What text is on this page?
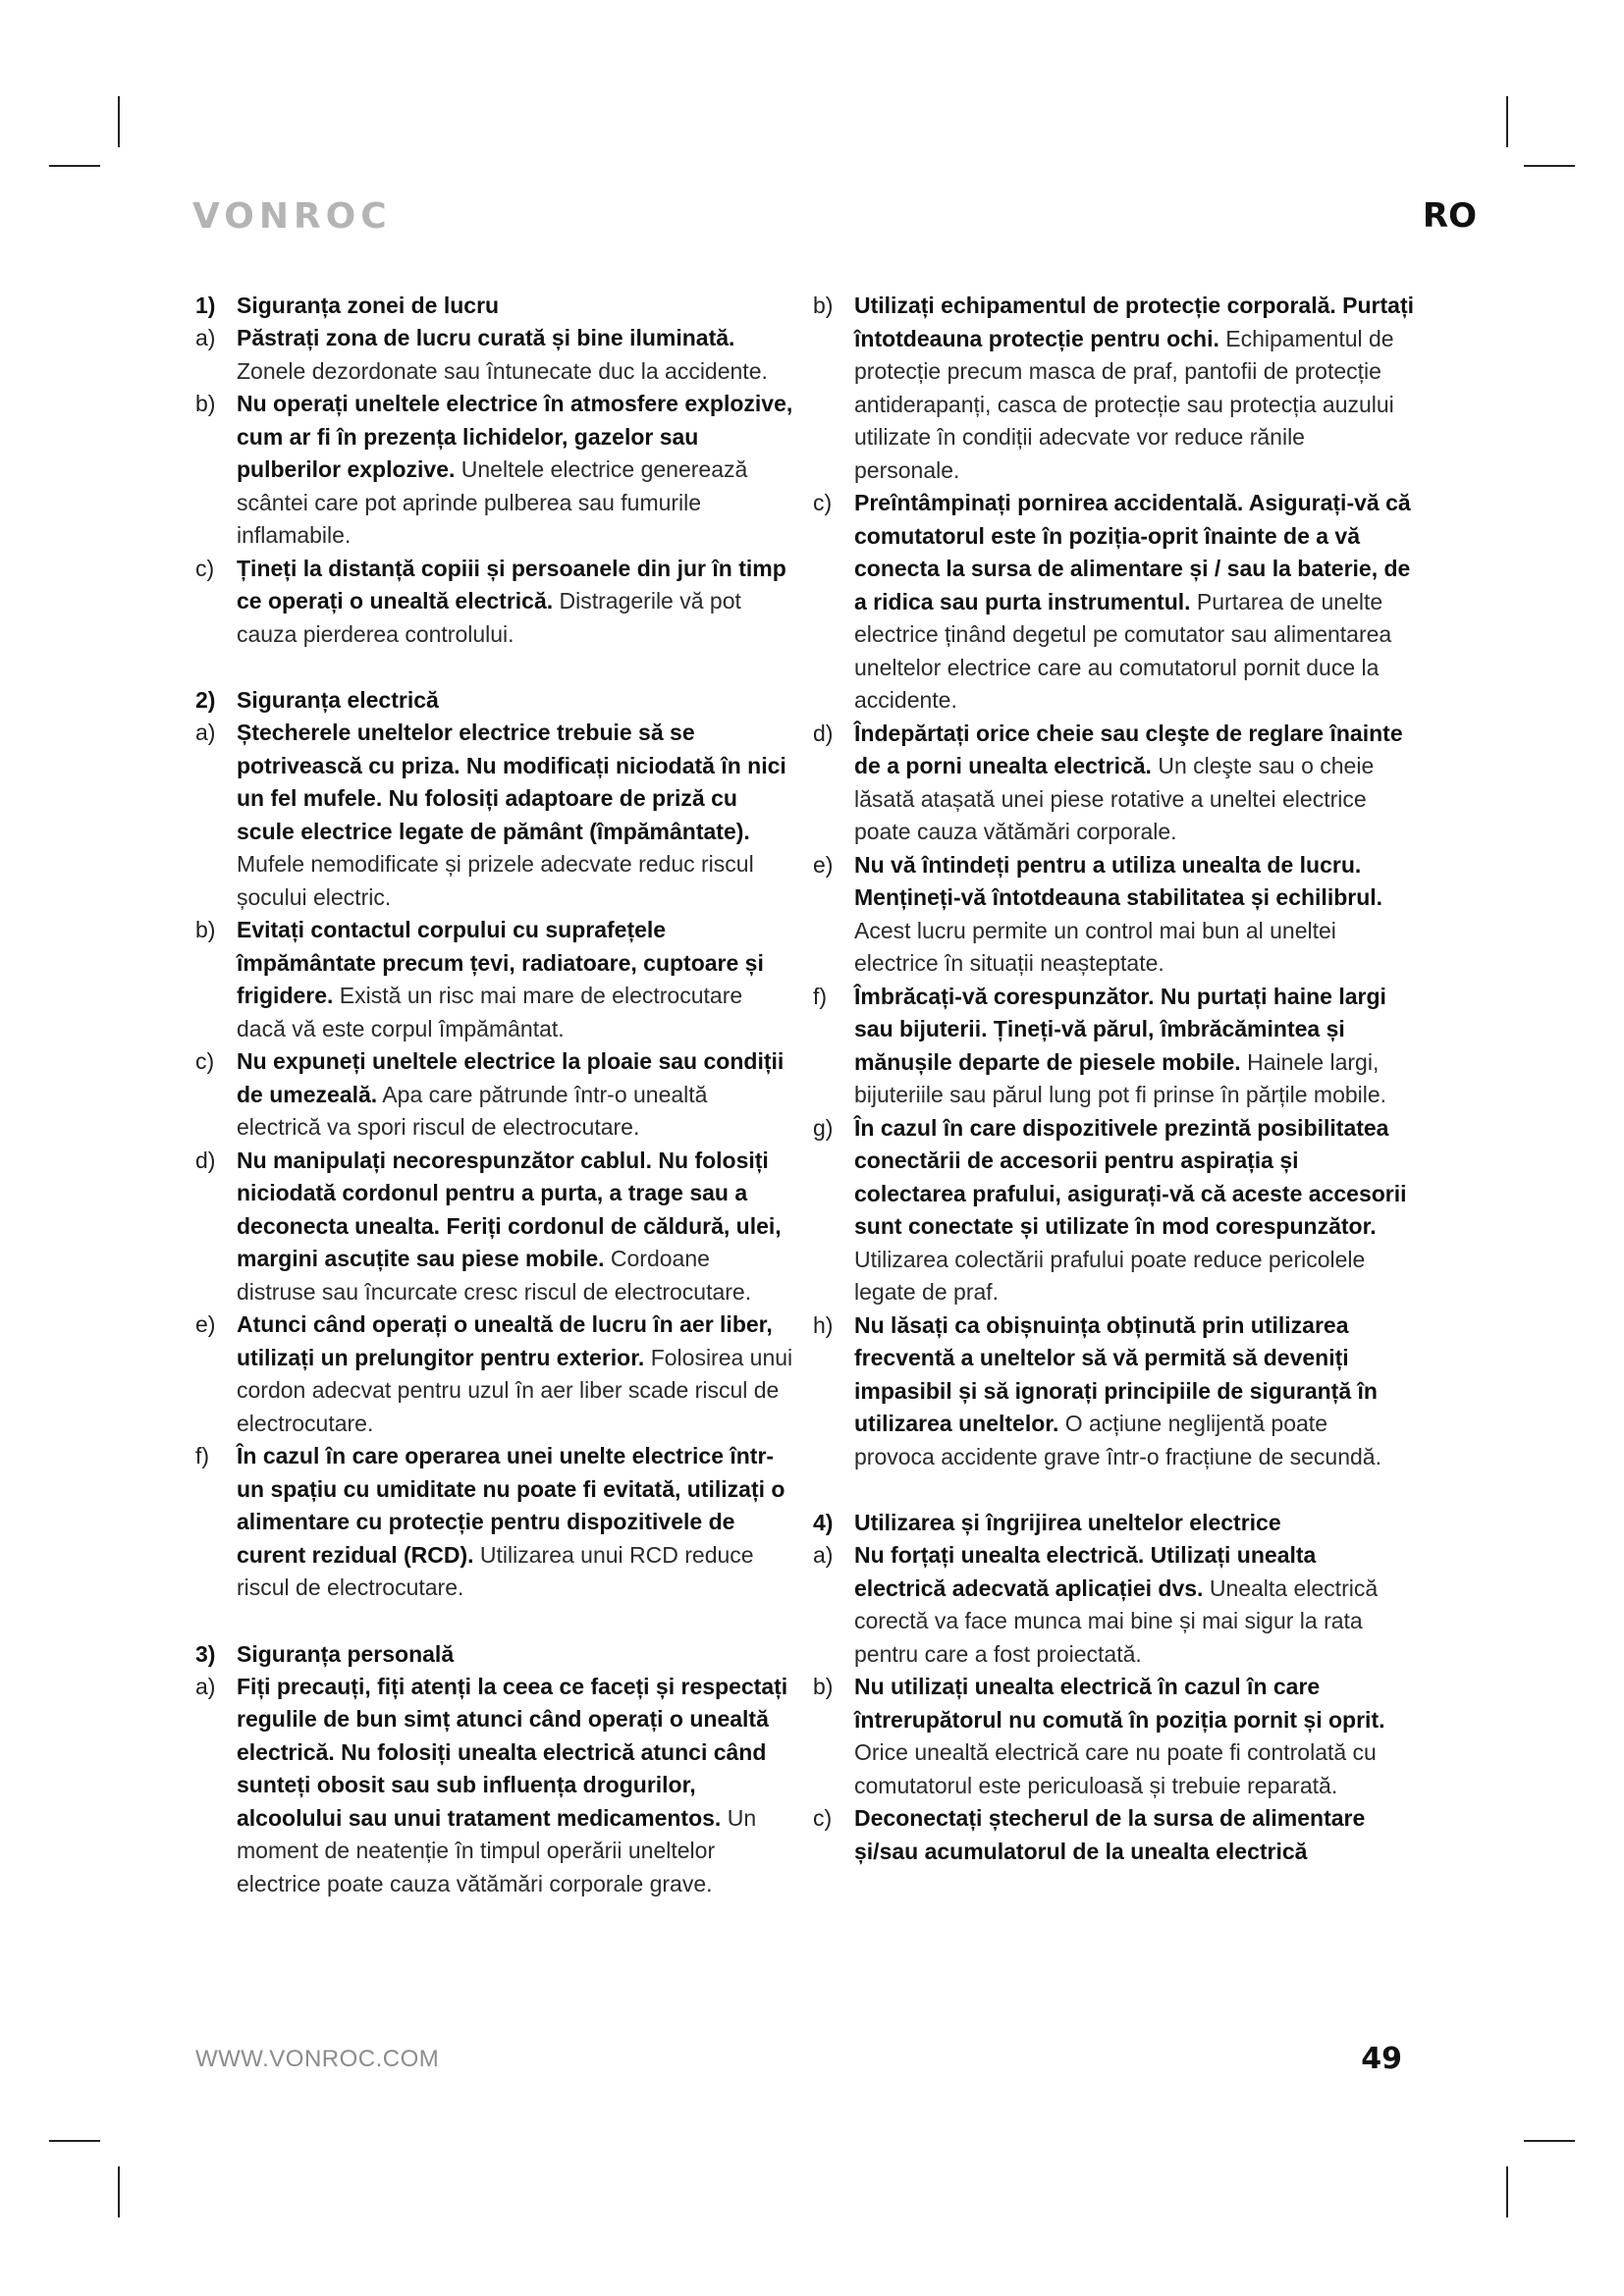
VONROC	RO
1) Siguranța zonei de lucru
a) Păstrați zona de lucru curată și bine iluminată. Zonele dezordonate sau întunecate duc la accidente.
b) Nu operați uneltele electrice în atmosfere explozive, cum ar fi în prezența lichidelor, gazelor sau pulberilor explozive. Uneltele electrice generează scântei care pot aprinde pulberea sau fumurile inflamabile.
c) Țineți la distanță copiii și persoanele din jur în timp ce operați o unealtă electrică. Distragerile vă pot cauza pierderea controlului.
2) Siguranța electrică
a) Ștecherele uneltelor electrice trebuie să se potrivească cu priza. Nu modificați niciodată în nici un fel mufele. Nu folosiți adaptoare de priză cu scule electrice legate de pământ (împământate). Mufele nemodificate și prizele adecvate reduc riscul șocului electric.
b) Evitați contactul corpului cu suprafețele împământate precum țevi, radiatoare, cuptoare și frigidere. Există un risc mai mare de electrocutare dacă vă este corpul împământat.
c) Nu expuneți uneltele electrice la ploaie sau condiții de umezeală. Apa care pătrunde într-o unealtă electrică va spori riscul de electrocutare.
d) Nu manipulați necorespunzător cablul. Nu folosiți niciodată cordonul pentru a purta, a trage sau a deconecta unealta. Feriți cordonul de căldură, ulei, margini ascuțite sau piese mobile. Cordoane distruse sau încurcate cresc riscul de electrocutare.
e) Atunci când operați o unealtă de lucru în aer liber, utilizați un prelungitor pentru exterior. Folosirea unui cordon adecvat pentru uzul în aer liber scade riscul de electrocutare.
f)	În cazul în care operarea unei unelte electrice într-un spațiu cu umiditate nu poate fi evitată, utilizați o alimentare cu protecție pentru dispozitivele de curent rezidual (RCD). Utilizarea unui RCD reduce riscul de electrocutare.
3) Siguranța personală
a) Fiți precauți, fiți atenți la ceea ce faceți și respectați regulile de bun simț atunci când operați o unealtă electrică. Nu folosiți unealta electrică atunci când sunteți obosit sau sub influența drogurilor, alcoolului sau unui tratament medicamentos. Un moment de neatenție în timpul operării uneltelor electrice poate cauza vătămări corporale grave.
b) Utilizați echipamentul de protecție corporală. Purtați întotdeauna protecție pentru ochi. Echipamentul de protecție precum masca de praf, pantofii de protecție antiderapanți, casca de protecție sau protecția auzului utilizate în condiții adecvate vor reduce rănile personale.
c) Preîntâmpinați pornirea accidentală. Asigurați-vă că comutatorul este în poziția-oprit înainte de a vă conecta la sursa de alimentare și / sau la baterie, de a ridica sau purta instrumentul. Purtarea de unelte electrice ținând degetul pe comutator sau alimentarea uneltelor electrice care au comutatorul pornit duce la accidente.
d) Îndepărtați orice cheie sau cleşte de reglare înainte de a porni unealta electrică. Un cleşte sau o cheie lăsată atașată unei piese rotative a uneltei electrice poate cauza vătămări corporale.
e) Nu vă întindeți pentru a utiliza unealta de lucru. Mențineți-vă întotdeauna stabilitatea și echilibrul. Acest lucru permite un control mai bun al uneltei electrice în situații neașteptate.
f)	Îmbrăcați-vă corespunzător. Nu purtați haine largi sau bijuterii. Țineți-vă părul, îmbrăcămintea și mănușile departe de piesele mobile. Hainele largi, bijuteriile sau părul lung pot fi prinse în părțile mobile.
g) În cazul în care dispozitivele prezintă posibilitatea conectării de accesorii pentru aspirația și colectarea prafului, asigurați-vă că aceste accesorii sunt conectate și utilizate în mod corespunzător. Utilizarea colectării prafului poate reduce pericolele legate de praf.
h) Nu lăsați ca obișnuința obținută prin utilizarea frecventă a uneltelor să vă permită să deveniți impasibil și să ignorați principiile de siguranță în utilizarea uneltelor. O acțiune neglijentă poate provoca accidente grave într-o fracțiune de secundă.
4) Utilizarea și îngrijirea uneltelor electrice
a) Nu forțați unealta electrică. Utilizați unealta electrică adecvată aplicației dvs. Unealta electrică corectă va face munca mai bine și mai sigur la rata pentru care a fost proiectată.
b) Nu utilizați unealta electrică în cazul în care întrerupătorul nu comută în poziția pornit și oprit. Orice unealtă electrică care nu poate fi controlată cu comutatorul este periculoasă și trebuie reparată.
c) Deconectați ștecherul de la sursa de alimentare și/sau acumulatorul de la unealta electrică
WWW.VONROC.COM	49
